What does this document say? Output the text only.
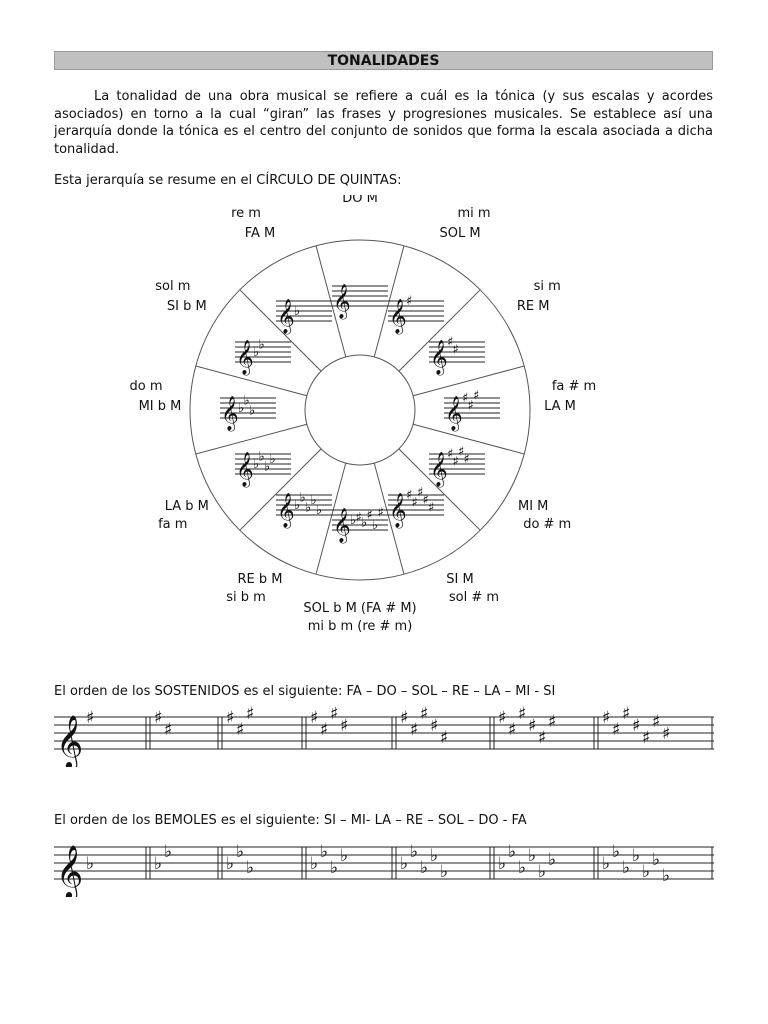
TONALIDADES

La tonalidad de una obra musical se refiere a cuál es la tónica (y sus escalas y acordes asociados) en torno a la cual “giran” las frases y progresiones musicales. Se establece así una jerarquía donde la tónica es el centro del conjunto de sonidos que forma la escala asociada a dicha tonalidad.

Esta jerarquía se resume en el CÍRCULO DE QUINTAS:
𝄞
DO M
𝄞 ♯
SOL M
mi m
𝄞 ♯ ♯
RE M
si m
𝄞 ♯ ♯
♯
LA M
fa # m
𝄞 ♯ ♯
♯ ♯
MI M
do # m
𝄞 ♯ ♯
♯ ♯ ♯
SI M
sol # m
𝄞 ♭ ♯ ♭ ♯
♭
♯
SOL b M (FA # M)
mi b m (re # m)
𝄞 ♭ ♭
♭ ♭
♭
RE b M
si b m
𝄞 ♭ ♭
♭ ♭
LA b M
fa m
𝄞 ♭ ♭
♭
MI b M
do m
𝄞 ♭ ♭
SI b M
sol m
𝄞 ♭
FA M
re m
El orden de los SOSTENIDOS es el siguiente: FA – DO – SOL – RE – LA – MI - SI
𝄞 ♯	♯
♯
♯
♯
♯	♯
♯
♯
♯	♯
♯
♯
♯
♯
♯
♯
♯
♯
♯
♯	♯
♯
♯
♯
♯
♯
♯
El orden de los BEMOLES es el siguiente: SI – MI- LA – RE – SOL – DO - FA
𝄞 ♭	♭
♭
♭
♭
♭	♭
♭
♭
♭	♭
♭
♭
♭
♭	♭
♭
♭
♭
♭
♭	♭
♭
♭
♭
♭
♭
♭
